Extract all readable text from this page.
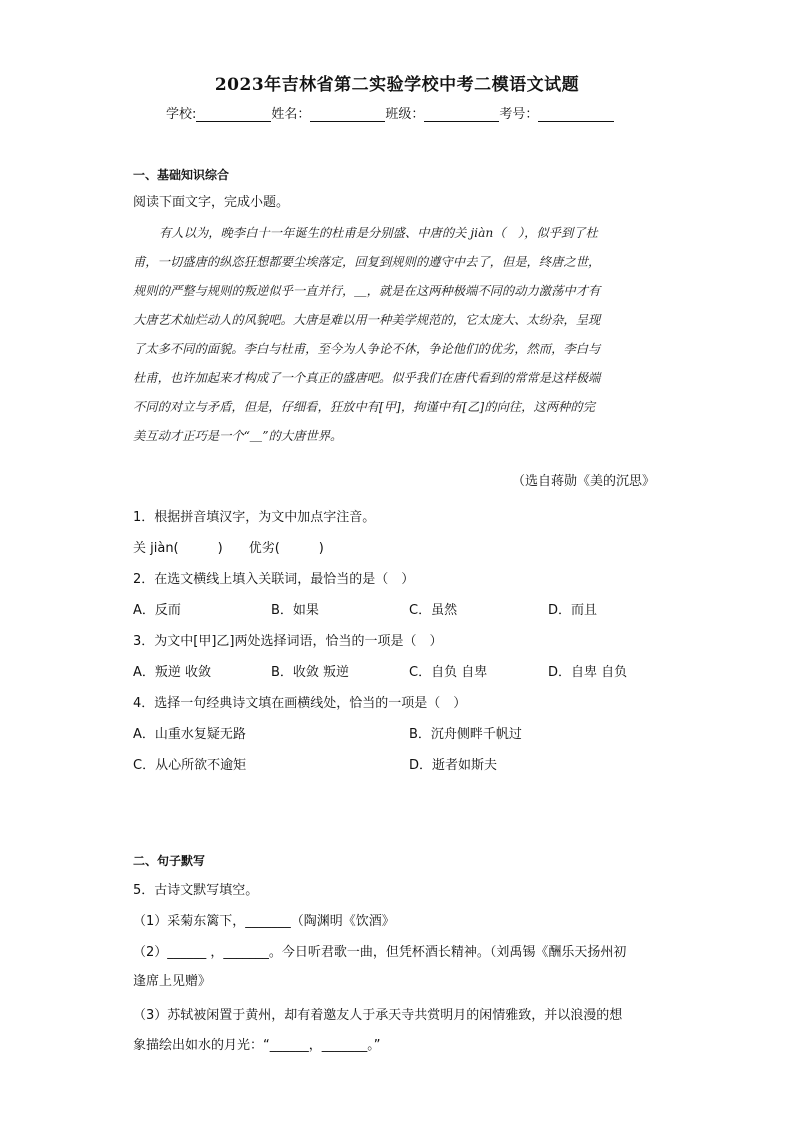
2023年吉林省第二实验学校中考二模语文试题
学校:	姓名：	班级：	考号：
一、基础知识综合
阅读下面文字，完成小题。

有人以为，晚李白十一年诞生的杜甫是分别盛、中唐的关 jiàn（　），似乎到了杜

甫，一切盛唐的纵恣狂想都要尘埃落定，回复到规则的遵守中去了，但是，终唐之世，

规则的严整与规则的叛逆似乎一直并行，＿，就是在这两种极端不同的动力激荡中才有

大唐艺术灿烂动人的风貌吧。大唐是难以用一种美学规范的，它太庞大、太纷杂，呈现

了太多不同的面貌。李白与杜甫，至今为人争论不休，争论他们的优劣，然而，李白与

杜甫，也许加起来才构成了一个真正的盛唐吧。似乎我们在唐代看到的常常是这样极端

不同的对立与矛盾，但是，仔细看，狂放中有[甲]，拘谨中有[乙]的向往，这两种的完

美互动才正巧是一个“＿”的大唐世界。

（选自蒋勋《美的沉思》
1．根据拼音填汉字，为文中加点字注音。
关 jiàn(　　　)　　优劣(　　　)
2．在选文横线上填入关联词，最恰当的是（　）
A．反而	B．如果	C．虽然	D．而且
3．为文中[甲]乙]两处选择词语，恰当的一项是（　）
A．叛逆 收敛	B．收敛 叛逆	C．自负 自卑	D．自卑 自负
4．选择一句经典诗文填在画横线处，恰当的一项是（　）
A．山重水复疑无路	B．沉舟侧畔千帆过
C．从心所欲不逾矩	D．逝者如斯夫
二、句子默写
5．古诗文默写填空。
（1）采菊东篱下，_______（陶渊明《饮酒》
（2）______ ，_______。今日听君歌一曲，但凭杯酒长精神。（刘禹锡《酬乐天扬州初
逢席上见赠》
（3）苏轼被闲置于黄州，却有着邀友人于承天寺共赏明月的闲情雅致，并以浪漫的想
象描绘出如水的月光：“______，_______。”
